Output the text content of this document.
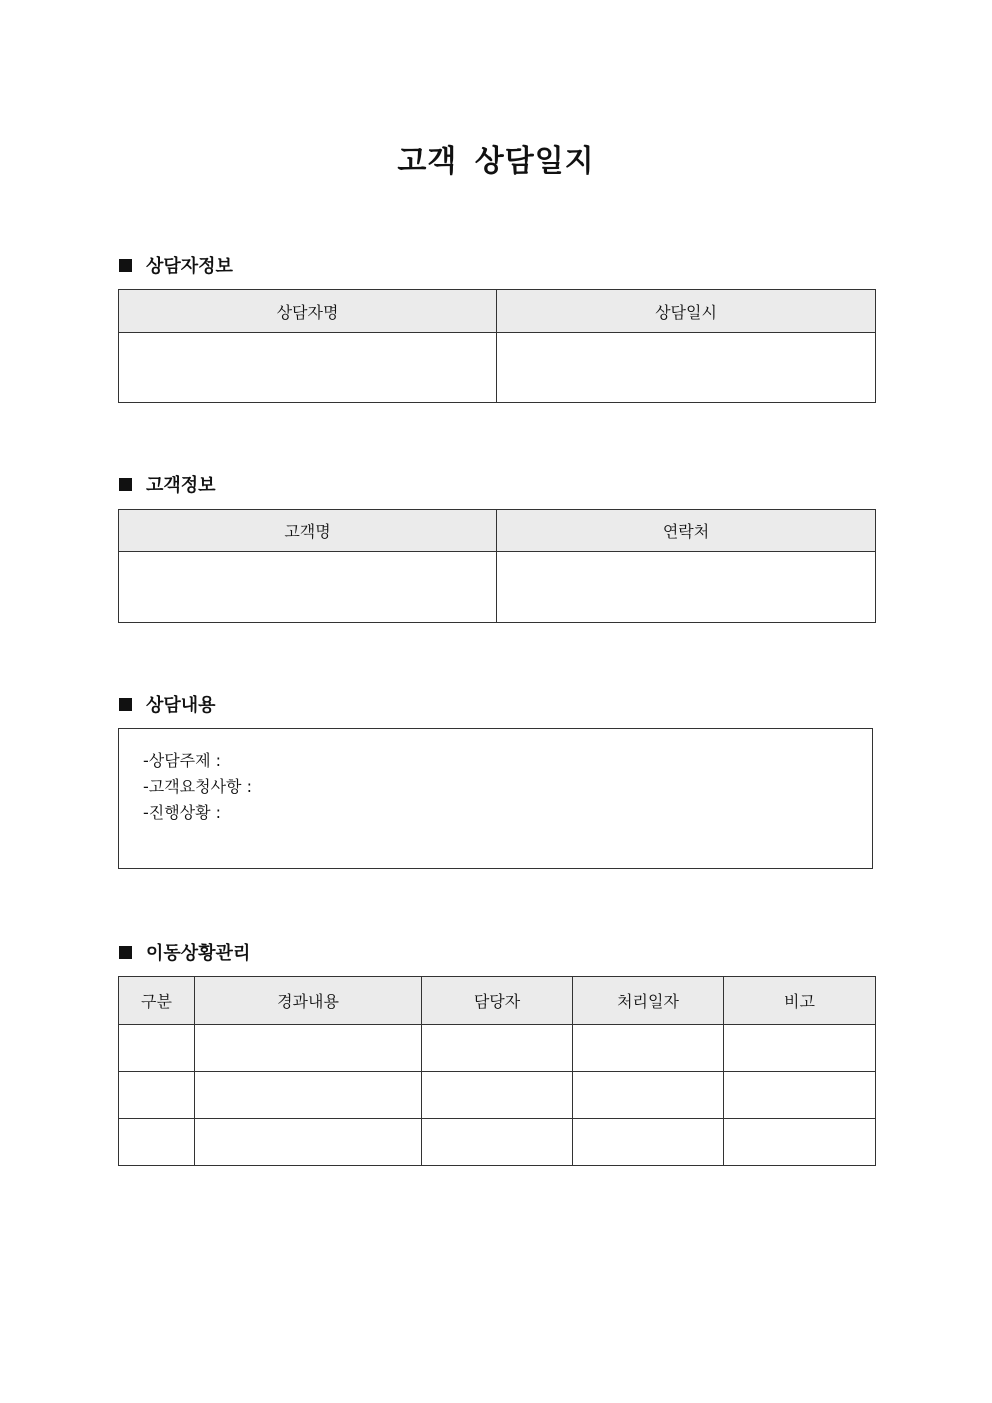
고객 상담일지
상담자정보
상담자명	상담일시

고객정보
고객명	연락처

상담내용
-상담주제 :
-고객요청사항 :
-진행상황 :
이동상황관리
구분	경과내용	담당자	처리일자	비고
